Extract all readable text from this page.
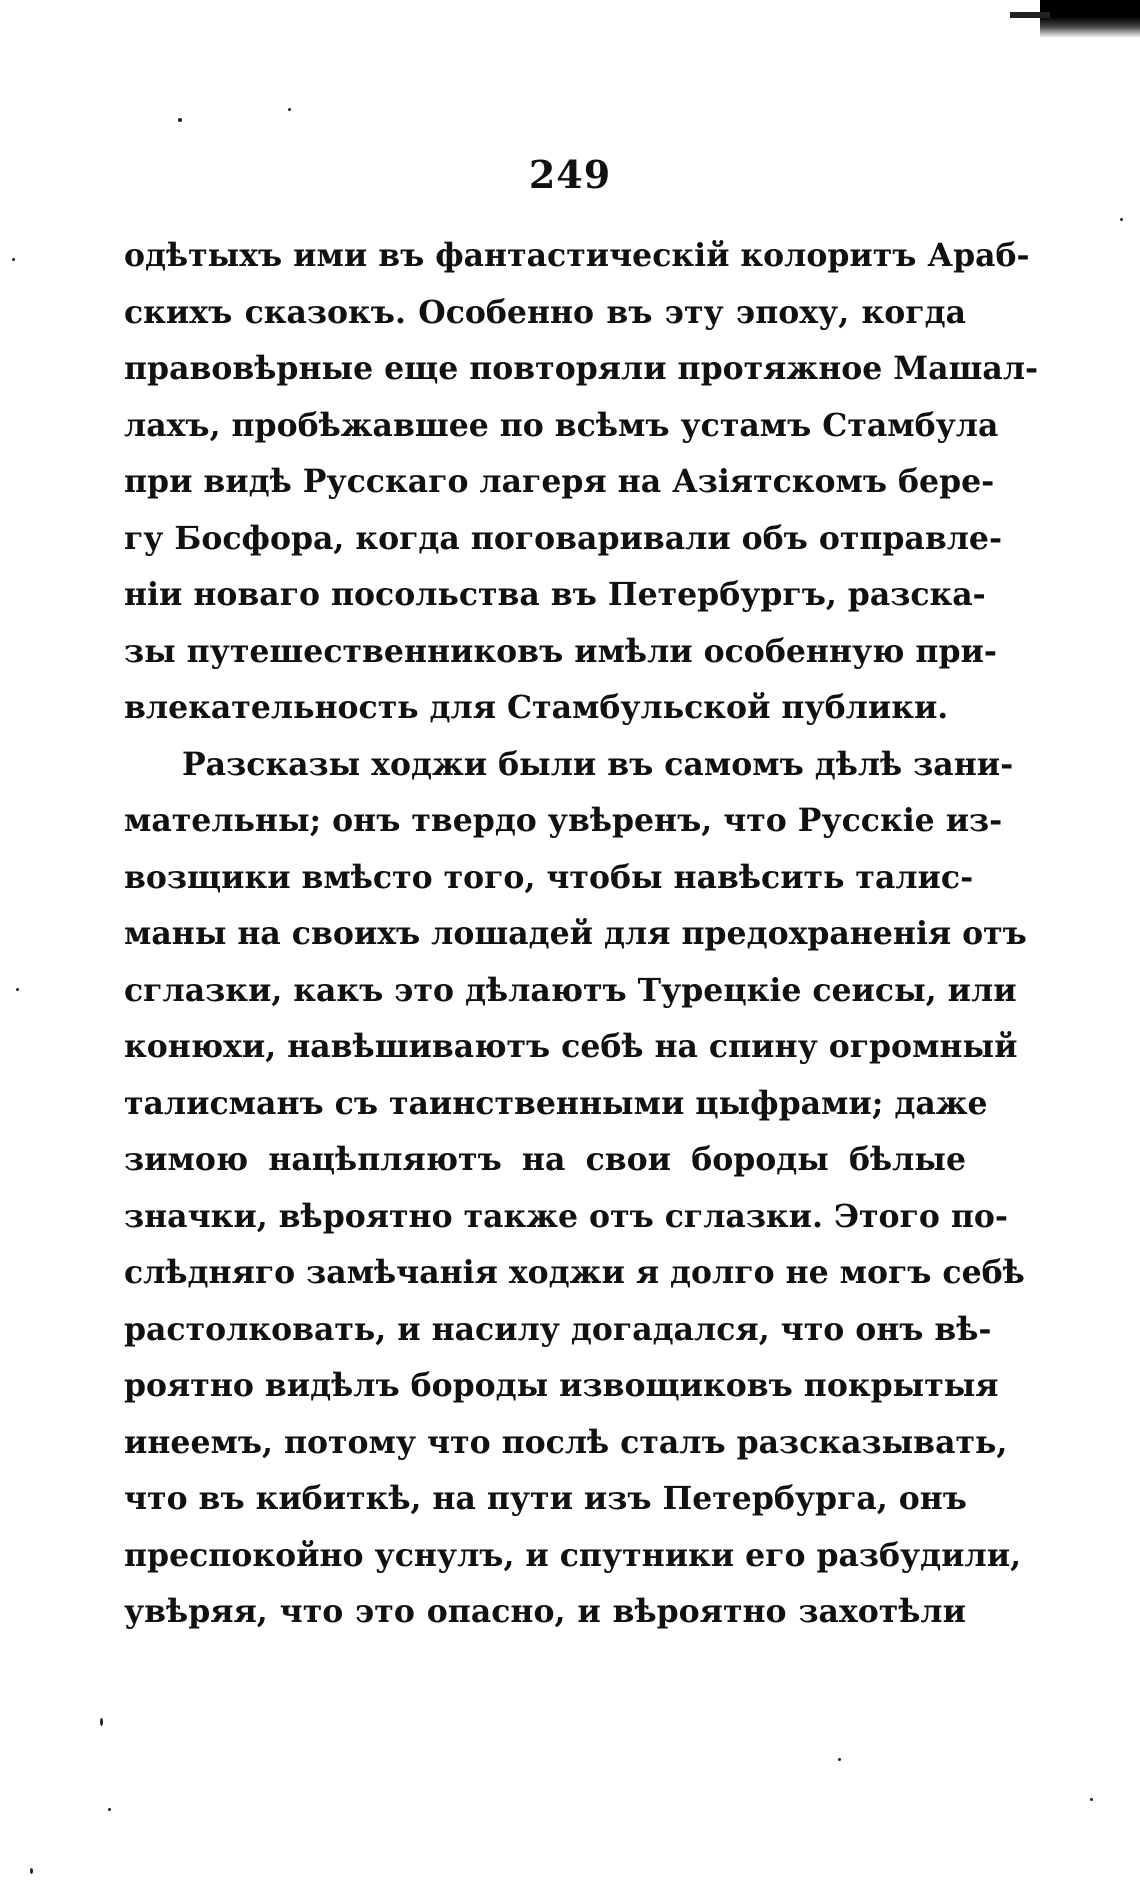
249
одѣтыхъ ими въ фантастическій колоритъ Араб-
скихъ сказокъ. Особенно въ эту эпоху, когда
правовѣрные еще повторяли протяжное Машал-
лахъ, пробѣжавшее по всѣмъ устамъ Стамбула
при видѣ Русскаго лагеря на Азіятскомъ бере-
гу Босфора, когда поговаривали объ отправле-
ніи новаго посольства въ Петербургъ, разска-
зы путешественниковъ имѣли особенную при-
влекательность для Стамбульской публики.
Разсказы ходжи были въ самомъ дѣлѣ зани-
мательны; онъ твердо увѣренъ, что Русскіе из-
возщики вмѣсто того, чтобы навѣсить талис-
маны на своихъ лошадей для предохраненія отъ
сглазки, какъ это дѣлаютъ Турецкіе сеисы, или
конюхи, навѣшиваютъ себѣ на спину огромный
талисманъ съ таинственными цыфрами; даже
зимою нацѣпляютъ на свои бороды бѣлые
значки, вѣроятно также отъ сглазки. Этого по-
слѣдняго замѣчанія ходжи я долго не могъ себѣ
растолковать, и насилу догадался, что онъ вѣ-
роятно видѣлъ бороды извощиковъ покрытыя
инеемъ, потому что послѣ сталъ разсказывать,
что въ кибиткѣ, на пути изъ Петербурга, онъ
преспокойно уснулъ, и спутники его разбудили,
увѣряя, что это опасно, и вѣроятно захотѣли
